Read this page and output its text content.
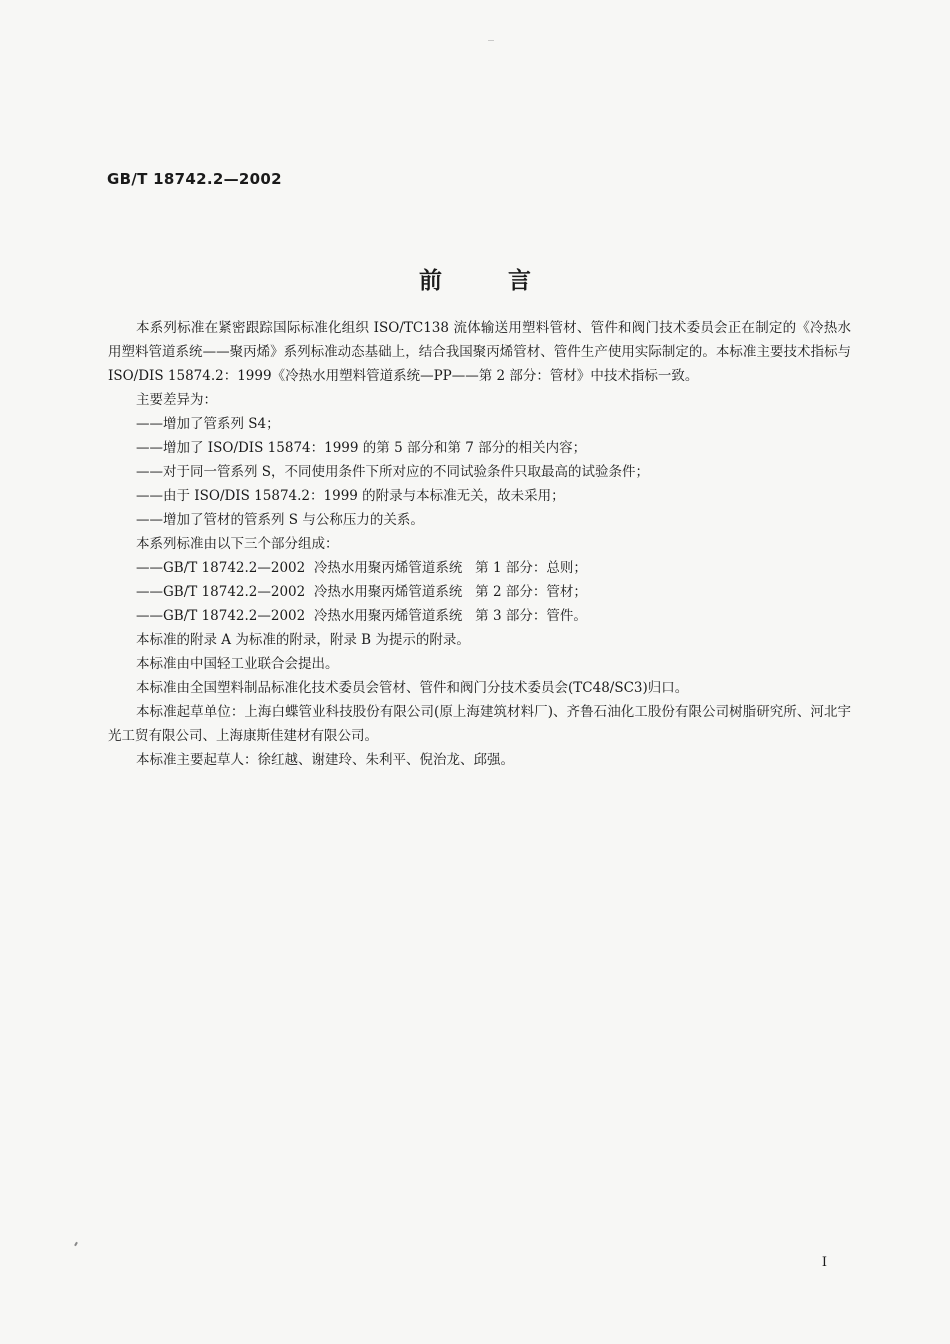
GB/T 18742.2—2002
前言

本系列标准在紧密跟踪国际标准化组织 ISO/TC138 流体输送用塑料管材、管件和阀门技术委员会正在制定的《冷热水用塑料管道系统——聚丙烯》系列标准动态基础上，结合我国聚丙烯管材、管件生产使用实际制定的。本标准主要技术指标与 ISO/DIS 15874.2：1999《冷热水用塑料管道系统—PP——第 2 部分：管材》中技术指标一致。

主要差异为：

——增加了管系列 S4；

——增加了 ISO/DIS 15874：1999 的第 5 部分和第 7 部分的相关内容；

——对于同一管系列 S，不同使用条件下所对应的不同试验条件只取最高的试验条件；

——由于 ISO/DIS 15874.2：1999 的附录与本标准无关，故未采用；

——增加了管材的管系列 S 与公称压力的关系。

本系列标准由以下三个部分组成：

——GB/T 18742.2—2002  冷热水用聚丙烯管道系统   第 1 部分：总则；

——GB/T 18742.2—2002  冷热水用聚丙烯管道系统   第 2 部分：管材；

——GB/T 18742.2—2002  冷热水用聚丙烯管道系统   第 3 部分：管件。

本标准的附录 A 为标准的附录，附录 B 为提示的附录。

本标准由中国轻工业联合会提出。

本标准由全国塑料制品标准化技术委员会管材、管件和阀门分技术委员会(TC48/SC3)归口。

本标准起草单位：上海白蝶管业科技股份有限公司(原上海建筑材料厂)、齐鲁石油化工股份有限公司树脂研究所、河北宇光工贸有限公司、上海康斯佳建材有限公司。

本标准主要起草人：徐红越、谢建玲、朱利平、倪治龙、邱强。

I
